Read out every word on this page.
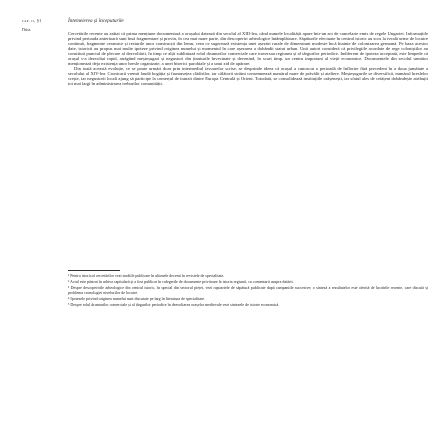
cap. ii, §1
I'hist.
Întemeierea și începuturile

Cercetările recente au arătat că prima mențiune documentară a orașului datează din secolul al XIII-lea, când numele localității apare într-un act de cancelarie emis de regele Ungariei. Informațiile privind perioada anterioară sunt însă fragmentare și provin, în cea mai mare parte, din descoperiri arheologice întâmplătoare. Săpăturile efectuate în centrul istoric au scos la iveală urme de locuire continuă, fragmente ceramice și resturile unor construcții din lemn, ceea ce sugerează existența unei așezări rurale de dimensiuni modeste încă înainte de colonizarea germană. Pe baza acestor date, istoricii au propus mai multe ipoteze privind originea numelui și momentul în care așezarea a dobândit statut urban. Unii autori consideră că privilegiile acordate de rege coloniștilor au constituit punctul de plecare al dezvoltării, în timp ce alții subliniază rolul drumurilor comerciale care traversau regiunea și al târgurilor periodice. Indiferent de ipoteza acceptată, este limpede că orașul s-a dezvoltat rapid, atrăgând meșteșugari și negustori din ținuturile învecinate și devenind, în scurt timp, un centru important al vieții economice. Documentele din secolul următor menționează deja existența unor bresle organizate, a unei biserici parohiale și a unui zid de apărare.

Din toată această evoluție, ce se poate urmări doar prin intermediul izvoarelor scrise, se desprinde ideea că orașul a cunoscut o perioadă de înflorire fără precedent în a doua jumătate a secolului al XIV-lea. Cronicarii vremii laudă bogăția și frumusețea clădirilor, iar călătorii străini consemnează numărul mare de prăvălii și ateliere. Meșteșugurile se diversifică, numărul breslelor crește, iar negustorii locali ajung să participe la comerțul de tranzit dintre Europa Centrală și Orient. Totodată, se consolidează instituțiile orășenești, iar sfatul ales de cetățeni dobândește atribuții tot mai largi în administrarea treburilor comunității.

¹ Pentru istoricul cercetărilor vezi studiile publicate în ultimele decenii în revistele de specialitate.

² Actul este păstrat în arhiva capitulară și a fost publicat în culegerile de documente privitoare la istoria regiunii, cu comentarii asupra datării.

³ Despre descoperirile arheologice din centrul istoric, în special din sectorul pieței, vezi rapoartele de săpătură publicate după campaniile succesive; o sinteză a rezultatelor este oferită de lucrările recente, care discută și problema cronologiei nivelurilor de locuire.

⁴ Ipotezele privind originea numelui sunt discutate pe larg în literatura de specialitate.

⁵ Despre rolul drumurilor comerciale și al târgurilor periodice în dezvoltarea orașelor medievale vezi sintezele de istorie economică.
